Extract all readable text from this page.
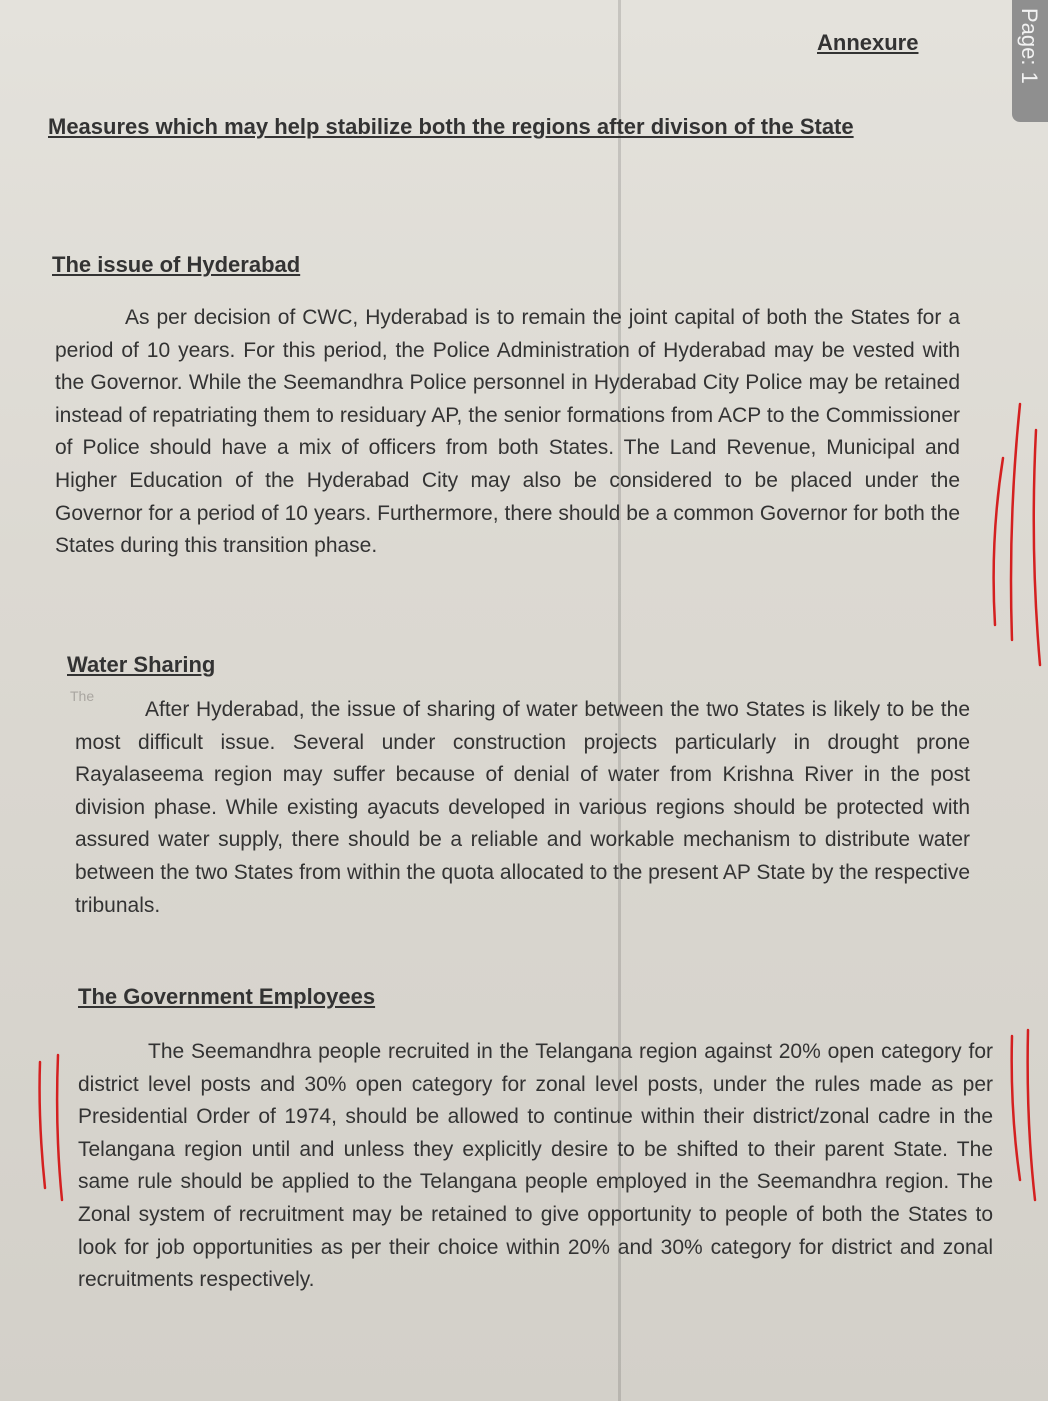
Page: 1
Annexure
Measures which may help stabilize both the regions after divison of the State
The issue of Hyderabad
As per decision of CWC, Hyderabad is to remain the joint capital of both the States for a period of 10 years. For this period, the Police Administration of Hyderabad may be vested with the Governor. While the Seemandhra Police personnel in Hyderabad City Police may be retained instead of repatriating them to residuary AP, the senior formations from ACP to the Commissioner of Police should have a mix of officers from both States. The Land Revenue, Municipal and Higher Education of the Hyderabad City may also be considered to be placed under the Governor for a period of 10 years. Furthermore, there should be a common Governor for both the States during this transition phase.
Water Sharing
The
After Hyderabad, the issue of sharing of water between the two States is likely to be the most difficult issue. Several under construction projects particularly in drought prone Rayalaseema region may suffer because of denial of water from Krishna River in the post division phase. While existing ayacuts developed in various regions should be protected with assured water supply, there should be a reliable and workable mechanism to distribute water between the two States from within the quota allocated to the present AP State by the respective tribunals.
The Government Employees
The Seemandhra people recruited in the Telangana region against 20% open category for district level posts and 30% open category for zonal level posts, under the rules made as per Presidential Order of 1974, should be allowed to continue within their district/zonal cadre in the Telangana region until and unless they explicitly desire to be shifted to their parent State. The same rule should be applied to the Telangana people employed in the Seemandhra region. The Zonal system of recruitment may be retained to give opportunity to people of both the States to look for job opportunities as per their choice within 20% and 30% category for district and zonal recruitments respectively.
